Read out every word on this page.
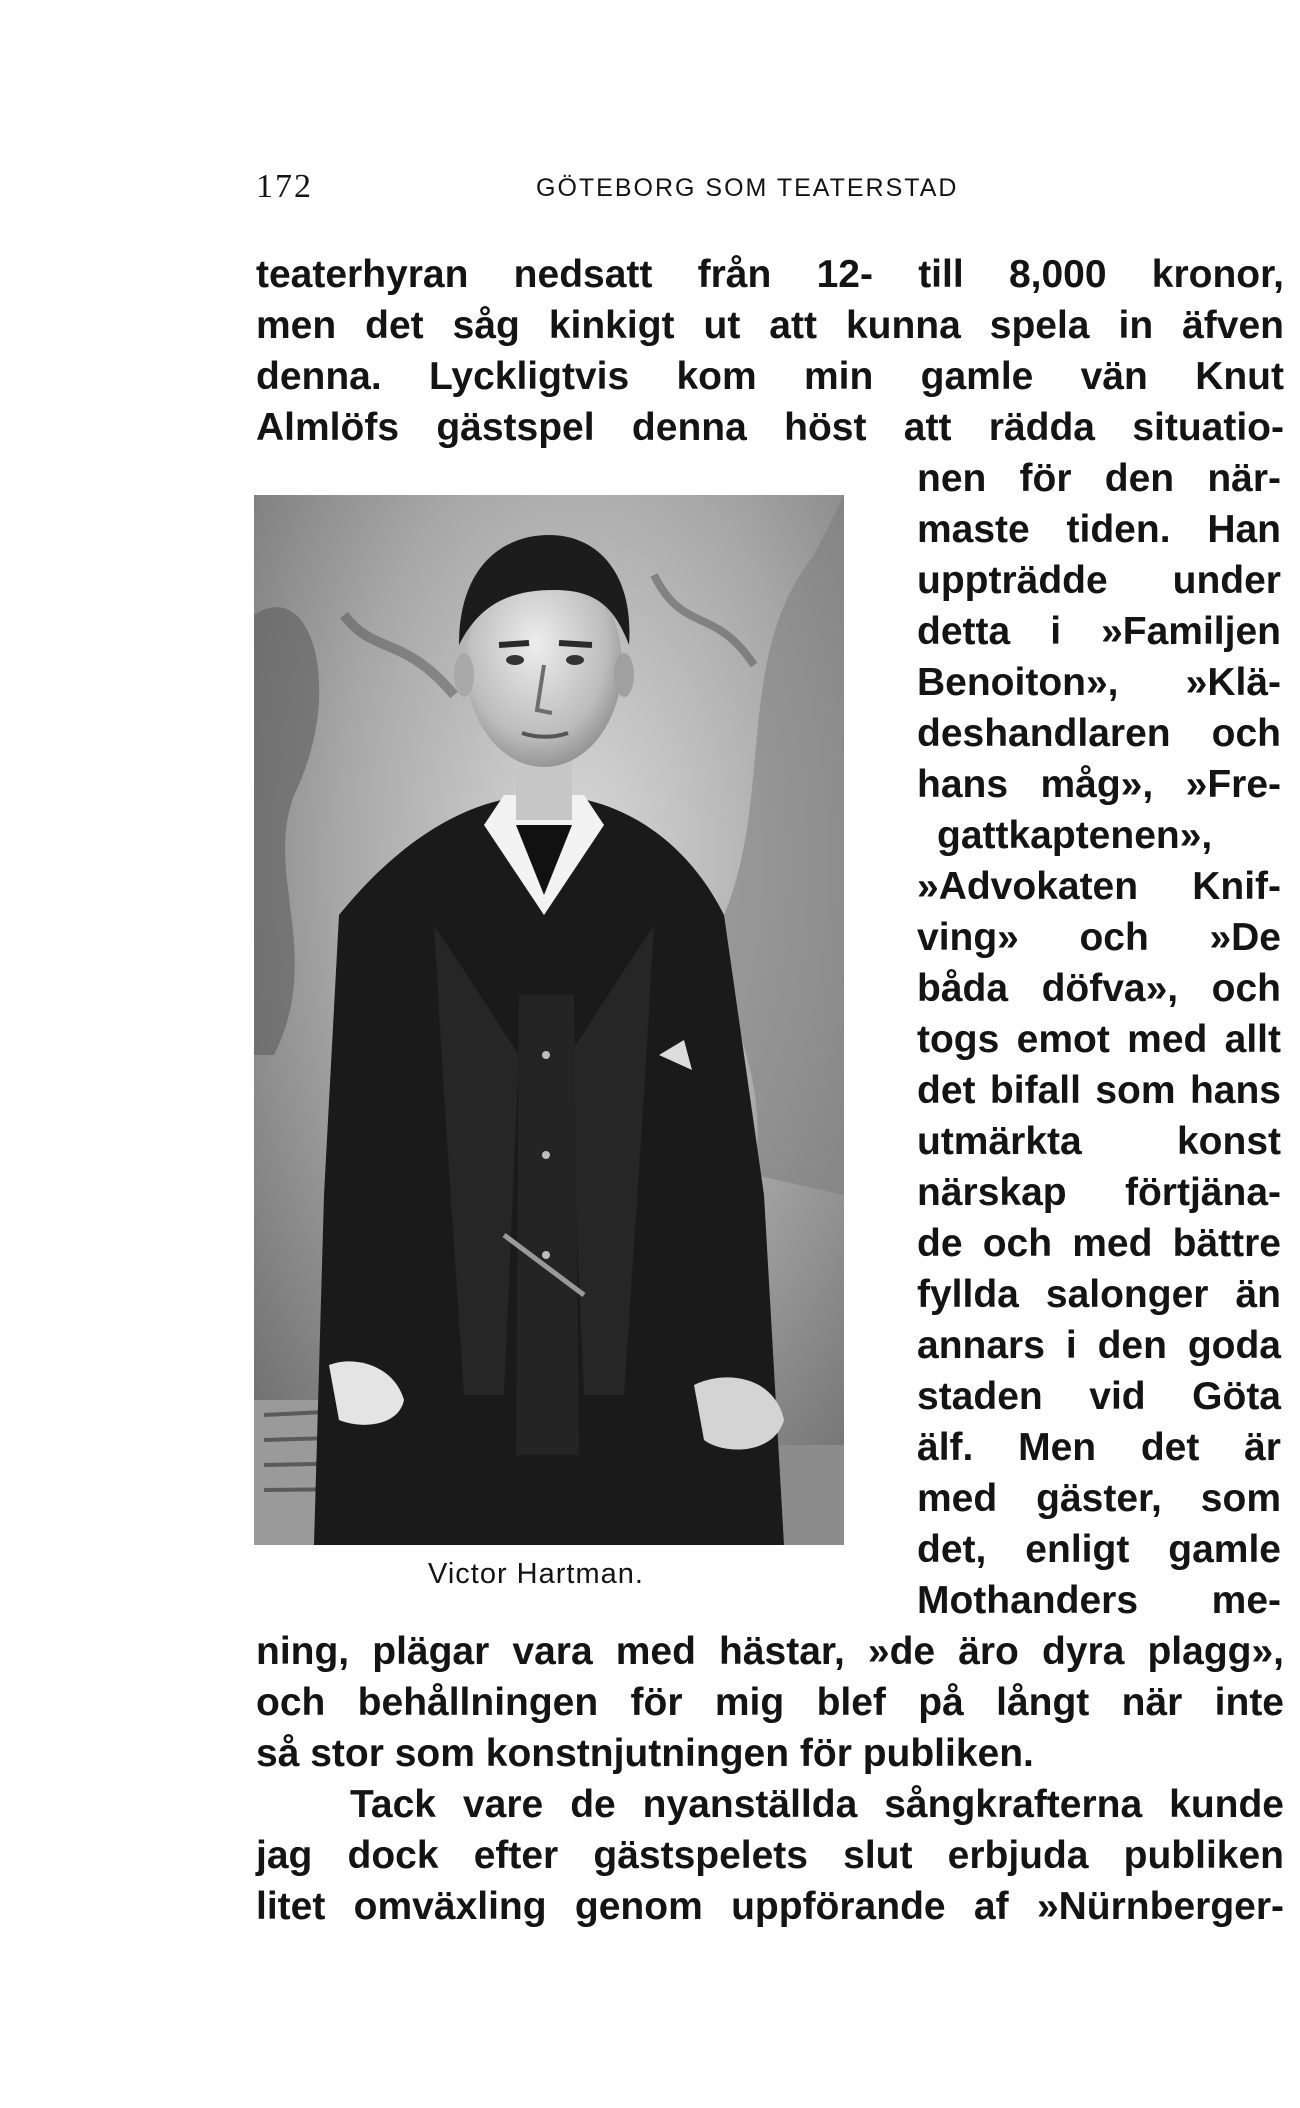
172	GÖTEBORG SOM TEATERSTAD
teaterhyran nedsatt från 12- till 8,000 kronor,
men det såg kinkigt ut att kunna spela in äfven
denna. Lyckligtvis kom min gamle vän Knut
Almlöfs gästspel denna höst att rädda situatio-
Victor Hartman.
nen för den när-
maste tiden. Han
uppträdde under
detta i »Familjen
Benoiton», »Klä-
deshandlaren och
hans måg», »Fre-
gattkaptenen»,
»Advokaten Knif-
ving» och »De
båda döfva», och
togs emot med allt
det bifall som hans
utmärkta konst
närskap förtjäna-
de och med bättre
fyllda salonger än
annars i den goda
staden vid Göta
älf. Men det är
med gäster, som
det, enligt gamle
Mothanders me-
ning, plägar vara med hästar, »de äro dyra plagg»,
och behållningen för mig blef på långt när inte
så stor som konstnjutningen för publiken.
Tack vare de nyanställda sångkrafterna kunde
jag dock efter gästspelets slut erbjuda publiken
litet omväxling genom uppförande af »Nürnberger-
